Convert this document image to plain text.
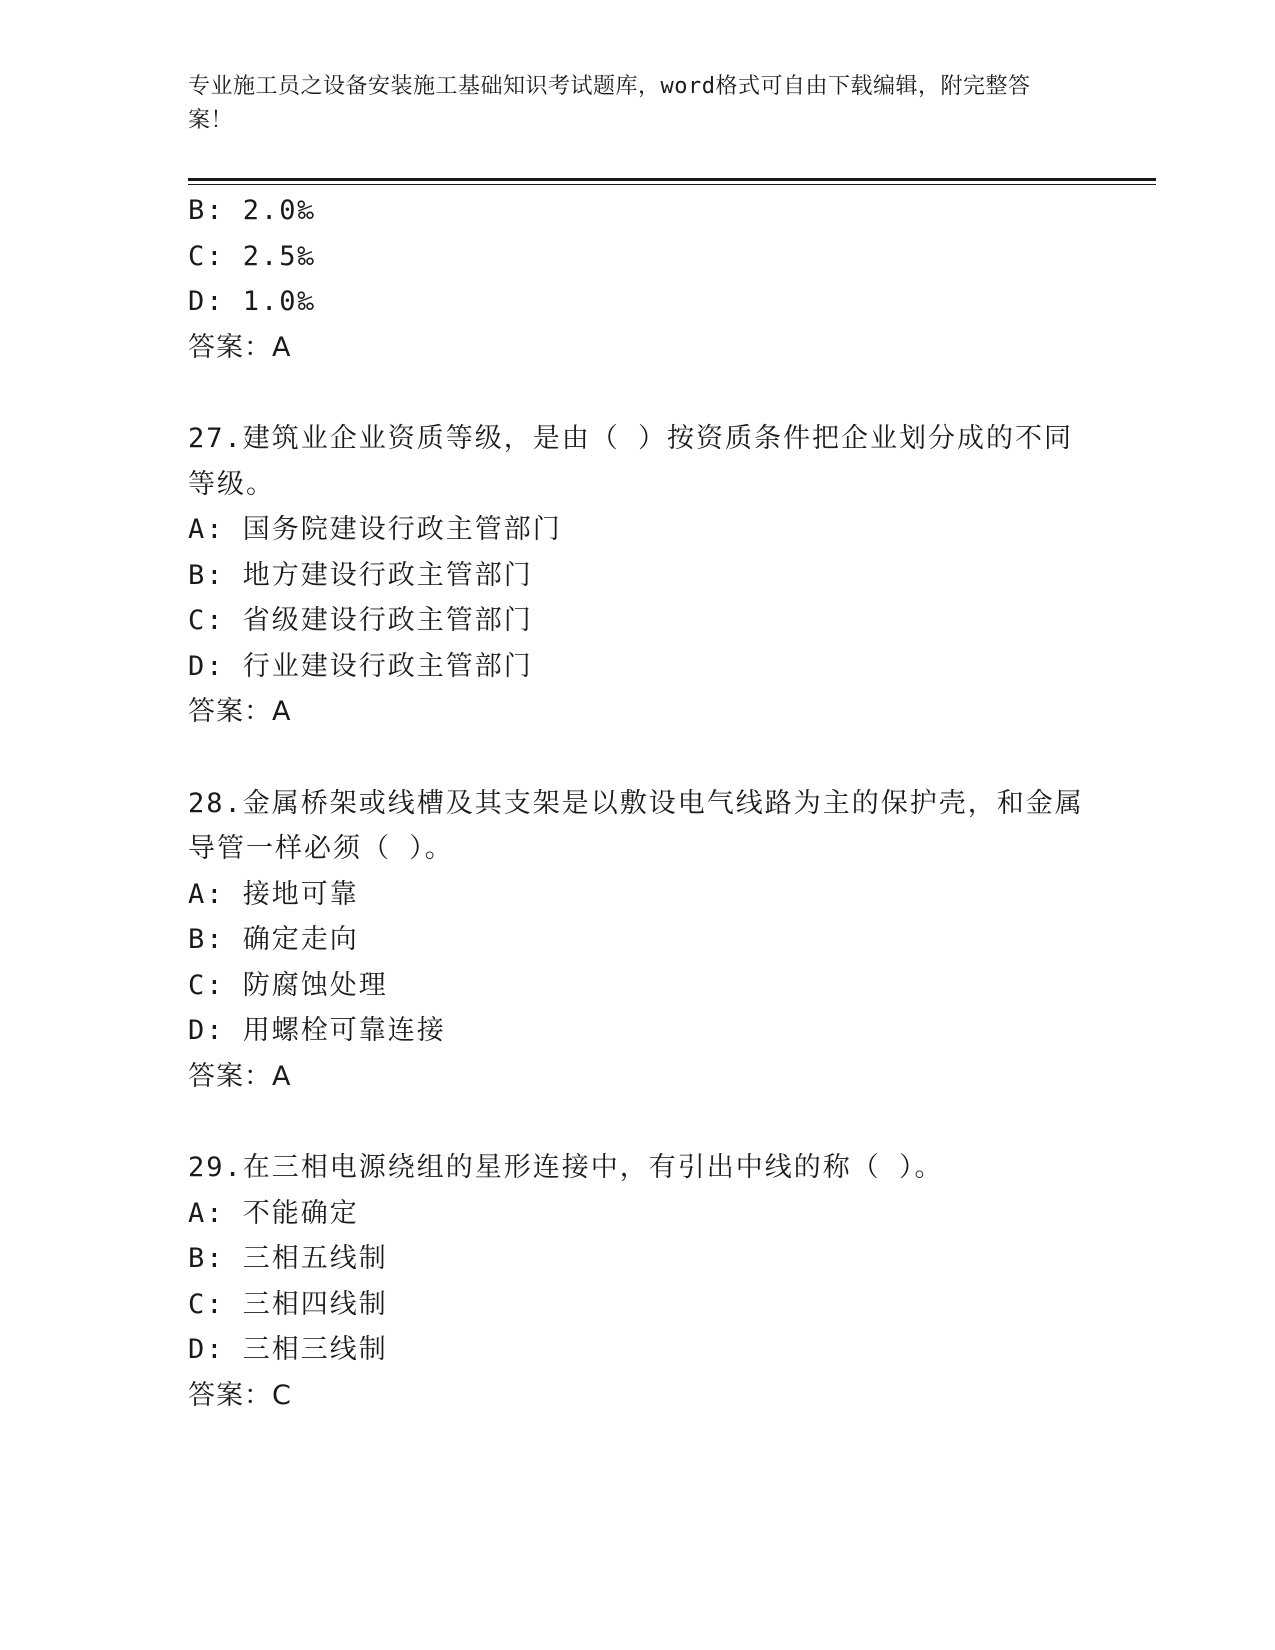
专业施工员之设备安装施工基础知识考试题库，word格式可自由下载编辑，附完整答案！
B: 2.0‰
C: 2.5‰
D: 1.0‰
答案：A
27.建筑业企业资质等级，是由（ ）按资质条件把企业划分成的不同等级。
A: 国务院建设行政主管部门
B: 地方建设行政主管部门
C: 省级建设行政主管部门
D: 行业建设行政主管部门
答案：A
28.金属桥架或线槽及其支架是以敷设电气线路为主的保护壳，和金属导管一样必须（ ）。
A: 接地可靠
B: 确定走向
C: 防腐蚀处理
D: 用螺栓可靠连接
答案：A
29.在三相电源绕组的星形连接中，有引出中线的称（ ）。
A: 不能确定
B: 三相五线制
C: 三相四线制
D: 三相三线制
答案：C
